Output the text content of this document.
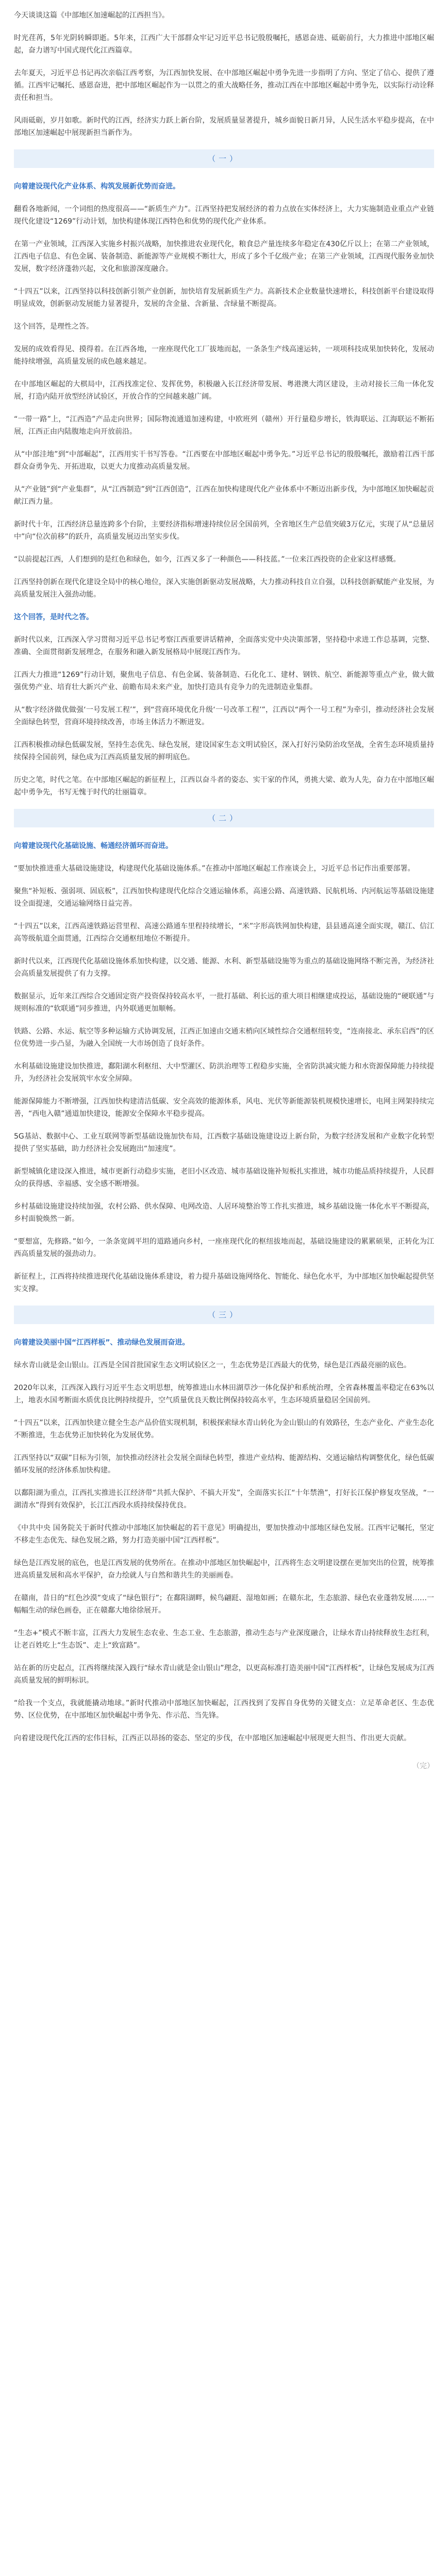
今天谈谈这篇《中部地区加速崛起的江西担当》。

时光荏苒，5年光阴转瞬即逝。5年来，江西广大干部群众牢记习近平总书记殷殷嘱托，感恩奋进、砥砺前行，大力推进中部地区崛起，奋力谱写中国式现代化江西篇章。

去年夏天，习近平总书记再次亲临江西考察，为江西加快发展、在中部地区崛起中勇争先进一步指明了方向、坚定了信心、提供了遵循。江西牢记嘱托、感恩奋进，把中部地区崛起作为一以贯之的重大战略任务，推动江西在中部地区崛起中勇争先，以实际行动诠释责任和担当。

风雨砥砺，岁月如歌。新时代的江西，经济实力跃上新台阶，发展质量显著提升，城乡面貌日新月异，人民生活水平稳步提高，在中部地区加速崛起中展现新担当新作为。

（一）

向着建设现代化产业体系、构筑发展新优势而奋进。

翻看各地新闻，一个词组的热度很高——“新质生产力”。江西坚持把发展经济的着力点放在实体经济上，大力实施制造业重点产业链现代化建设“1269”行动计划，加快构建体现江西特色和优势的现代化产业体系。

在第一产业领域，江西深入实施乡村振兴战略，加快推进农业现代化，粮食总产量连续多年稳定在430亿斤以上；在第二产业领域，江西电子信息、有色金属、装备制造、新能源等产业规模不断壮大，形成了多个千亿级产业；在第三产业领域，江西现代服务业加快发展，数字经济蓬勃兴起，文化和旅游深度融合。

“十四五”以来，江西坚持以科技创新引领产业创新，加快培育发展新质生产力。高新技术企业数量快速增长，科技创新平台建设取得明显成效，创新驱动发展能力显著提升，发展的含金量、含新量、含绿量不断提高。

这个回答，是理性之答。

发展的成效看得见、摸得着。在江西各地，一座座现代化工厂拔地而起，一条条生产线高速运转，一项项科技成果加快转化，发展动能持续增强，高质量发展的成色越来越足。

在中部地区崛起的大棋局中，江西找准定位、发挥优势，积极融入长江经济带发展、粤港澳大湾区建设，主动对接长三角一体化发展，打造内陆开放型经济试验区，开放合作的空间越来越广阔。

“一带一路”上，“江西造”产品走向世界；国际物流通道加速构建，中欧班列（赣州）开行量稳步增长，铁海联运、江海联运不断拓展，江西正由内陆腹地走向开放前沿。

从“中部洼地”到“中部崛起”，江西用实干书写答卷。“江西要在中部地区崛起中勇争先。”习近平总书记的殷殷嘱托，激励着江西干部群众奋勇争先、开拓进取，以更大力度推动高质量发展。

从“产业链”到“产业集群”，从“江西制造”到“江西创造”，江西在加快构建现代化产业体系中不断迈出新步伐，为中部地区加快崛起贡献江西力量。

新时代十年，江西经济总量连跨多个台阶，主要经济指标增速持续位居全国前列，全省地区生产总值突破3万亿元，实现了从“总量居中”向“位次前移”的跃升，高质量发展迈出坚实步伐。

“以前提起江西，人们想到的是红色和绿色，如今，江西又多了一种颜色——科技蓝。”一位来江西投资的企业家这样感慨。

江西坚持创新在现代化建设全局中的核心地位，深入实施创新驱动发展战略，大力推动科技自立自强，以科技创新赋能产业发展，为高质量发展注入强劲动能。

这个回答，是时代之答。

新时代以来，江西深入学习贯彻习近平总书记考察江西重要讲话精神，全面落实党中央决策部署，坚持稳中求进工作总基调，完整、准确、全面贯彻新发展理念，在服务和融入新发展格局中展现江西作为。

江西大力推进“1269”行动计划，聚焦电子信息、有色金属、装备制造、石化化工、建材、钢铁、航空、新能源等重点产业，做大做强优势产业、培育壮大新兴产业、前瞻布局未来产业，加快打造具有竞争力的先进制造业集群。

从“数字经济做优做强‘一号发展工程’”，到“营商环境优化升级‘一号改革工程’”，江西以“两个一号工程”为牵引，推动经济社会发展全面绿色转型，营商环境持续改善，市场主体活力不断迸发。

江西积极推动绿色低碳发展，坚持生态优先、绿色发展，建设国家生态文明试验区，深入打好污染防治攻坚战，全省生态环境质量持续保持全国前列，绿色成为江西高质量发展的鲜明底色。

历史之笔，时代之笔。在中部地区崛起的新征程上，江西以奋斗者的姿态、实干家的作风，勇挑大梁、敢为人先，奋力在中部地区崛起中勇争先，书写无愧于时代的壮丽篇章。

（二）

向着建设现代化基础设施、畅通经济循环而奋进。

“要加快推进重大基础设施建设，构建现代化基础设施体系。”在推动中部地区崛起工作座谈会上，习近平总书记作出重要部署。

聚焦“补短板、强弱项、固底板”，江西加快构建现代化综合交通运输体系，高速公路、高速铁路、民航机场、内河航运等基础设施建设全面提速，交通运输网络日益完善。

“十四五”以来，江西高速铁路运营里程、高速公路通车里程持续增长，“米”字形高铁网加快构建，县县通高速全面实现，赣江、信江高等级航道全面贯通，江西综合交通枢纽地位不断提升。

新时代以来，江西现代化基础设施体系加快构建，以交通、能源、水利、新型基础设施等为重点的基础设施网络不断完善，为经济社会高质量发展提供了有力支撑。

数据显示，近年来江西综合交通固定资产投资保持较高水平，一批打基础、利长远的重大项目相继建成投运，基础设施的“硬联通”与规则标准的“软联通”同步推进，内外联通更加顺畅。

铁路、公路、水运、航空等多种运输方式协调发展，江西正加速由交通末梢向区域性综合交通枢纽转变，“连南接北、承东启西”的区位优势进一步凸显，为融入全国统一大市场创造了良好条件。

水利基础设施建设加快推进，鄱阳湖水利枢纽、大中型灌区、防洪治理等工程稳步实施，全省防洪减灾能力和水资源保障能力持续提升，为经济社会发展筑牢水安全屏障。

能源保障能力不断增强，江西加快构建清洁低碳、安全高效的能源体系，风电、光伏等新能源装机规模快速增长，电网主网架持续完善，“西电入赣”通道加快建设，能源安全保障水平稳步提高。

5G基站、数据中心、工业互联网等新型基础设施加快布局，江西数字基础设施建设迈上新台阶，为数字经济发展和产业数字化转型提供了坚实基础，助力经济社会发展跑出“加速度”。

新型城镇化建设深入推进，城市更新行动稳步实施，老旧小区改造、城市基础设施补短板扎实推进，城市功能品质持续提升，人民群众的获得感、幸福感、安全感不断增强。

乡村基础设施建设持续加强，农村公路、供水保障、电网改造、人居环境整治等工作扎实推进，城乡基础设施一体化水平不断提高，乡村面貌焕然一新。

“要想富，先修路。”如今，一条条宽阔平坦的道路通向乡村，一座座现代化的枢纽拔地而起，基础设施建设的累累硕果，正转化为江西高质量发展的强劲动力。

新征程上，江西将持续推进现代化基础设施体系建设，着力提升基础设施网络化、智能化、绿色化水平，为中部地区加快崛起提供坚实支撑。

（三）

向着建设美丽中国“江西样板”、推动绿色发展而奋进。

绿水青山就是金山银山。江西是全国首批国家生态文明试验区之一，生态优势是江西最大的优势，绿色是江西最亮丽的底色。

2020年以来，江西深入践行习近平生态文明思想，统筹推进山水林田湖草沙一体化保护和系统治理，全省森林覆盖率稳定在63%以上，地表水国考断面水质优良比例持续提升，空气质量优良天数比例保持较高水平，生态环境质量稳居全国前列。

“十四五”以来，江西加快建立健全生态产品价值实现机制，积极探索绿水青山转化为金山银山的有效路径，生态产业化、产业生态化不断推进，生态优势正加快转化为发展优势。

江西坚持以“双碳”目标为引领，加快推动经济社会发展全面绿色转型，推进产业结构、能源结构、交通运输结构调整优化，绿色低碳循环发展的经济体系加快构建。

以鄱阳湖为重点，江西扎实推进长江经济带“共抓大保护、不搞大开发”，全面落实长江“十年禁渔”，打好长江保护修复攻坚战，“一湖清水”得到有效保护，长江江西段水质持续保持优良。

《中共中央 国务院关于新时代推动中部地区加快崛起的若干意见》明确提出，要加快推动中部地区绿色发展。江西牢记嘱托，坚定不移走生态优先、绿色发展之路，努力打造美丽中国“江西样板”。

绿色是江西发展的底色，也是江西发展的优势所在。在推动中部地区加快崛起中，江西将生态文明建设摆在更加突出的位置，统筹推进高质量发展和高水平保护，奋力绘就人与自然和谐共生的美丽画卷。

在赣南，昔日的“红色沙漠”变成了“绿色银行”；在鄱阳湖畔，候鸟翩跹、湿地如画；在赣东北，生态旅游、绿色农业蓬勃发展……一幅幅生动的绿色画卷，正在赣鄱大地徐徐展开。

“生态+”模式不断丰富，江西大力发展生态农业、生态工业、生态旅游，推动生态与产业深度融合，让绿水青山持续释放生态红利，让老百姓吃上“生态饭”、走上“致富路”。

站在新的历史起点，江西将继续深入践行“绿水青山就是金山银山”理念，以更高标准打造美丽中国“江西样板”，让绿色发展成为江西高质量发展的鲜明标识。

“给我一个支点，我就能撬动地球。”新时代推动中部地区加快崛起，江西找到了发挥自身优势的关键支点：立足革命老区、生态优势、区位优势，在中部地区加快崛起中勇争先、作示范、当先锋。

向着建设现代化江西的宏伟目标，江西正以昂扬的姿态、坚定的步伐，在中部地区加速崛起中展现更大担当、作出更大贡献。

（完）
